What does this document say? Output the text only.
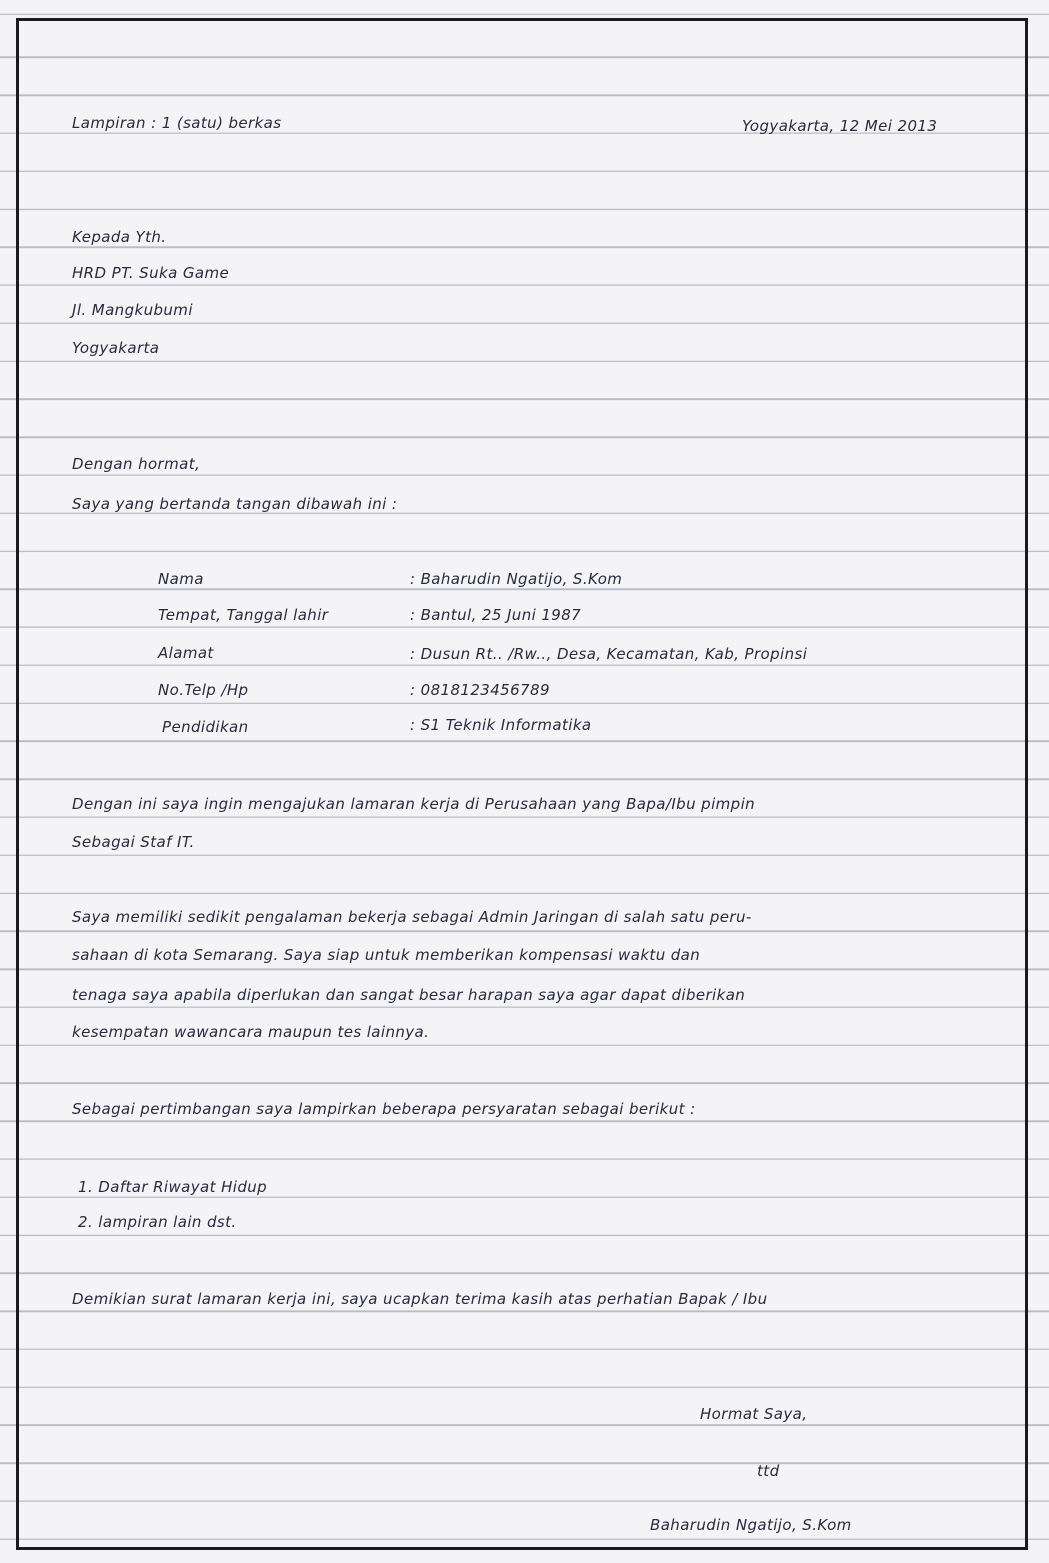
Lampiran : 1 (satu) berkas	Yogyakarta, 12 Mei 2013
Kepada Yth.
HRD PT. Suka Game
Jl. Mangkubumi
Yogyakarta
Dengan hormat,
Saya yang bertanda tangan dibawah ini :
Nama	: Baharudin Ngatijo, S.Kom
Tempat, Tanggal lahir	: Bantul, 25 Juni 1987
Alamat	: Dusun Rt.. /Rw.., Desa, Kecamatan, Kab, Propinsi
No.Telp /Hp	: 0818123456789
Pendidikan	: S1 Teknik Informatika
Dengan ini saya ingin mengajukan lamaran kerja di Perusahaan yang Bapa/Ibu pimpin
Sebagai Staf IT.
Saya memiliki sedikit pengalaman bekerja sebagai Admin Jaringan di salah satu peru-
sahaan di kota Semarang. Saya siap untuk memberikan kompensasi waktu dan
tenaga saya apabila diperlukan dan sangat besar harapan saya agar dapat diberikan
kesempatan wawancara maupun tes lainnya.
Sebagai pertimbangan saya lampirkan beberapa persyaratan sebagai berikut :
1. Daftar Riwayat Hidup
2. lampiran lain dst.
Demikian surat lamaran kerja ini, saya ucapkan terima kasih atas perhatian Bapak / Ibu
Hormat Saya,
ttd
Baharudin Ngatijo, S.Kom
